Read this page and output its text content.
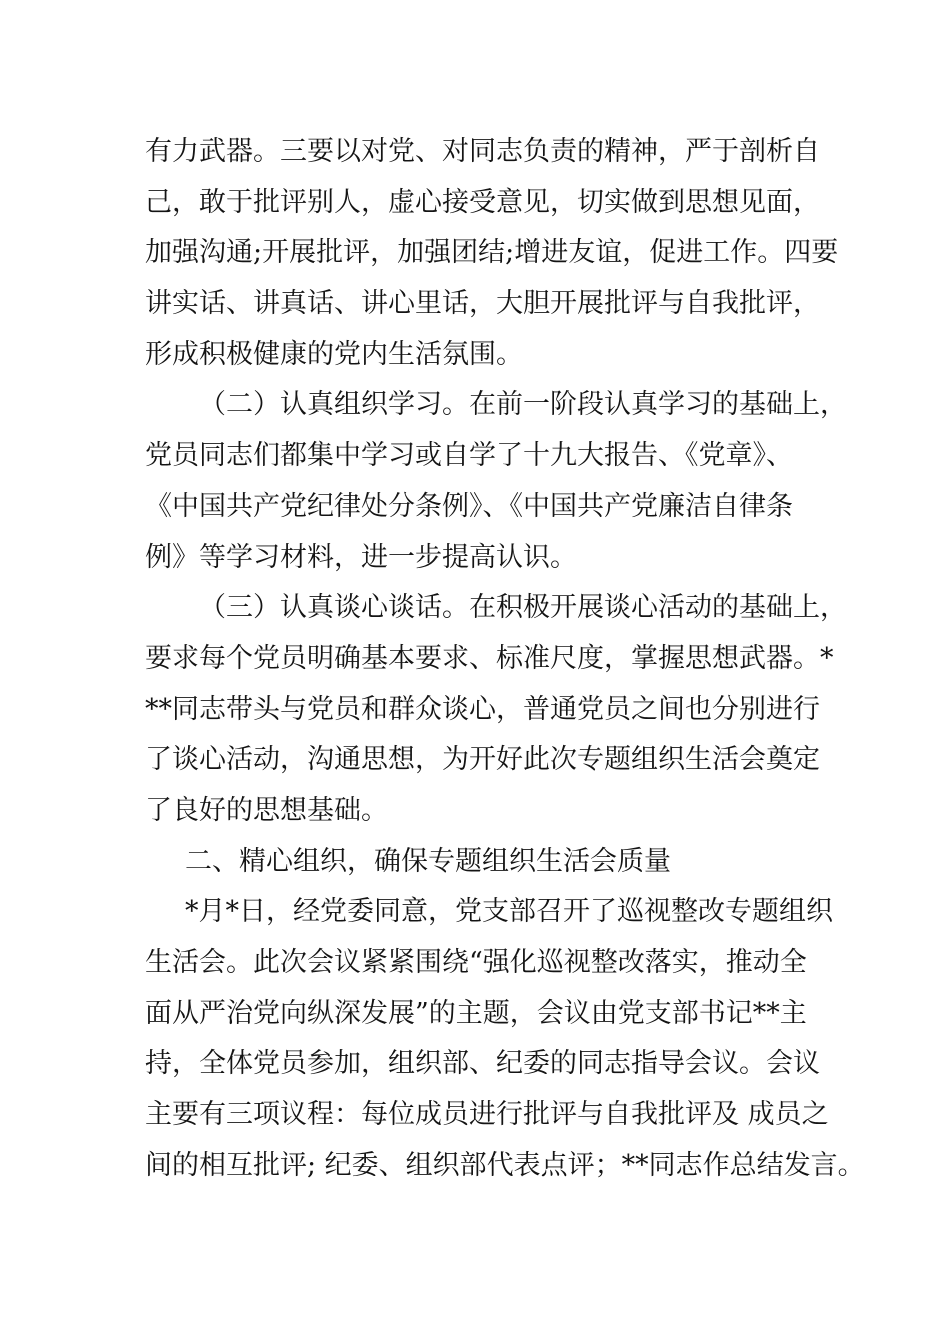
有力武器。三要以对党、对同志负责的精神，严于剖析自
己，敢于批评别人，虚心接受意见，切实做到思想见面，
加强沟通;开展批评，加强团结;增进友谊，促进工作。四要
讲实话、讲真话、讲心里话，大胆开展批评与自我批评，
形成积极健康的党内生活氛围。
（二）认真组织学习。在前一阶段认真学习的基础上，
党员同志们都集中学习或自学了十九大报告、《党章》、
《中国共产党纪律处分条例》、《中国共产党廉洁自律条
例》等学习材料，进一步提高认识。
（三）认真谈心谈话。在积极开展谈心活动的基础上，
要求每个党员明确基本要求、标准尺度，掌握思想武器。*
**同志带头与党员和群众谈心，普通党员之间也分别进行
了谈心活动，沟通思想，为开好此次专题组织生活会奠定
了良好的思想基础。
二、精心组织，确保专题组织生活会质量
*月*日，经党委同意，党支部召开了巡视整改专题组织
生活会。此次会议紧紧围绕“强化巡视整改落实，推动全
面从严治党向纵深发展”的主题，会议由党支部书记**主
持，全体党员参加，组织部、纪委的同志指导会议。会议
主要有三项议程：每位成员进行批评与自我批评及 成员之
间的相互批评; 纪委、组织部代表点评；**同志作总结发言。
